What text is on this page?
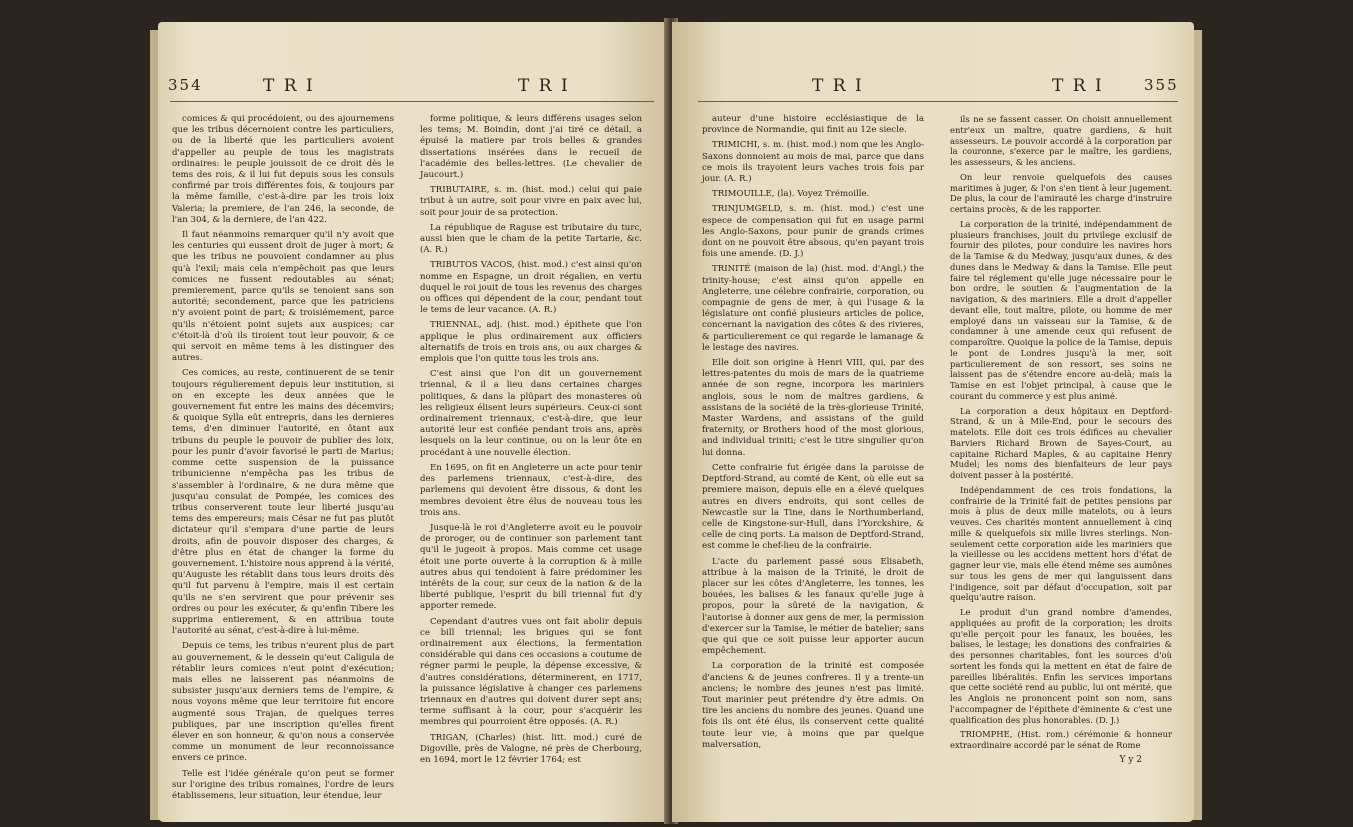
354	T R I	T R I

comices & qui procédoient, ou des ajournemens que les tribus décernoient contre les particuliers, ou de la liberté que les particuliers avoient d'appeller au peuple de tous les magistrats ordinaires: le peuple jouissoit de ce droit dès le tems des rois, & il lui fut depuis sous les consuls confirmé par trois différentes fois, & toujours par la même famille, c'est-à-dire par les trois loix Valeria; la premiere, de l'an 246, la seconde, de l'an 304, & la derniere, de l'an 422.

Il faut néanmoins remarquer qu'il n'y avoit que les centuries qui eussent droit de juger à mort; & que les tribus ne pouvoient condamner au plus qu'à l'exil; mais cela n'empêchoit pas que leurs comices ne fussent redoutables au sénat; premierement, parce qu'ils se tenoient sans son autorité; secondement, parce que les patriciens n'y avoient point de part; & troisiémement, parce qu'ils n'étoient point sujets aux auspices; car c'étoit-là d'où ils tiroient tout leur pouvoir, & ce qui servoit en même tems à les distinguer des autres.

Ces comices, au reste, continuerent de se tenir toujours régulierement depuis leur institution, si on en excepte les deux années que le gouvernement fut entre les mains des décemvirs; & quoique Sylla eût entrepris, dans les dernieres tems, d'en diminuer l'autorité, en ôtant aux tribuns du peuple le pouvoir de publier des loix, pour les punir d'avoir favorisé le parti de Marius; comme cette suspension de la puissance tribunicienne n'empêcha pas les tribus de s'assembler à l'ordinaire, & ne dura même que jusqu'au consulat de Pompée, les comices des tribus conserverent toute leur liberté jusqu'au tems des empereurs; mais César ne fut pas plutôt dictateur qu'il s'empara d'une partie de leurs droits, afin de pouvoir disposer des charges, & d'être plus en état de changer la forme du gouvernement. L'histoire nous apprend à la vérité, qu'Auguste les rétablit dans tous leurs droits dès qu'il fut parvenu à l'empire, mais il est certain qu'ils ne s'en servirent que pour prévenir ses ordres ou pour les exécuter, & qu'enfin Tibere les supprima entierement, & en attribua toute l'autorité au sénat, c'est-à-dire à lui-même.

Depuis ce tems, les tribus n'eurent plus de part au gouvernement, & le dessein qu'eut Caligula de rétablir leurs comices n'eut point d'exécution; mais elles ne laisserent pas néanmoins de subsister jusqu'aux derniers tems de l'empire, & nous voyons même que leur territoire fut encore augmenté sous Trajan, de quelques terres publiques, par une inscription qu'elles firent élever en son honneur, & qu'on nous a conservée comme un monument de leur reconnoissance envers ce prince.

Telle est l'idée générale qu'on peut se former sur l'origine des tribus romaines, l'ordre de leurs établissemens, leur situation, leur étendue, leur

forme politique, & leurs différens usages selon les tems; M. Boindin, dont j'ai tiré ce détail, a épuisé la matiere par trois belles & grandes dissertations insérées dans le recueil de l'académie des belles-lettres. (Le chevalier de Jaucourt.)

TRIBUTAIRE, s. m. (hist. mod.) celui qui paie tribut à un autre, soit pour vivre en paix avec lui, soit pour jouir de sa protection.

La république de Raguse est tributaire du turc, aussi bien que le cham de la petite Tartarie, &c. (A. R.)

TRIBUTOS VACOS, (hist. mod.) c'est ainsi qu'on nomme en Espagne, un droit régalien, en vertu duquel le roi jouit de tous les revenus des charges ou offices qui dépendent de la cour, pendant tout le tems de leur vacance. (A. R.)

TRIENNAL, adj. (hist. mod.) épithete que l'on applique le plus ordinairement aux officiers alternatifs de trois en trois ans, ou aux charges & emplois que l'on quitte tous les trois ans.

C'est ainsi que l'on dit un gouvernement triennal, & il a lieu dans certaines charges politiques, & dans la plûpart des monasteres où les religieux élisent leurs supérieurs. Ceux-ci sont ordinairement triennaux, c'est-à-dire, que leur autorité leur est confiée pendant trois ans, après lesquels on la leur continue, ou on la leur ôte en procédant à une nouvelle élection.

En 1695, on fit en Angleterre un acte pour tenir des parlemens triennaux, c'est-à-dire, des parlemens qui devoient être dissous, & dont les membres devoient être élus de nouveau tous les trois ans.

Jusque-là le roi d'Angleterre avoit eu le pouvoir de proroger, ou de continuer son parlement tant qu'il le jugeoit à propos. Mais comme cet usage étoit une porte ouverte à la corruption & à mille autres abus qui tendoient à faire prédominer les intérêts de la cour, sur ceux de la nation & de la liberté publique, l'esprit du bill triennal fut d'y apporter remede.

Cependant d'autres vues ont fait abolir depuis ce bill triennal; les brigues qui se font ordinairement aux élections, la fermentation considérable qui dans ces occasions a coutume de régner parmi le peuple, la dépense excessive, & d'autres considérations, déterminerent, en 1717, la puissance législative à changer ces parlemens triennaux en d'autres qui doivent durer sept ans; terme suffisant à la cour, pour s'acquérir les membres qui pourroient être opposés. (A. R.)

TRIGAN, (Charles) (hist. litt. mod.) curé de Digoville, près de Valogne, né près de Cherbourg, en 1694, mort le 12 février 1764; est

T R I	T R I	355

auteur d'une histoire ecclésiastique de la province de Normandie, qui finit au 12e siecle.

TRIMICHI, s. m. (hist. mod.) nom que les Anglo-Saxons donnoient au mois de mai, parce que dans ce mois ils trayoient leurs vaches trois fois par jour. (A. R.)

TRIMOUILLE, (la). Voyez Trémoille.

TRINJUMGELD, s. m. (hist. mod.) c'est une espece de compensation qui fut en usage parmi les Anglo-Saxons, pour punir de grands crimes dont on ne pouvoit être absous, qu'en payant trois fois une amende. (D. J.)

TRINITÉ (maison de la) (hist. mod. d'Angl.) the trinity-house; c'est ainsi qu'on appelle en Angleterre, une célebre confrairie, corporation, ou compagnie de gens de mer, à qui l'usage & la législature ont confié plusieurs articles de police, concernant la navigation des côtes & des rivieres, & particulierement ce qui regarde le lamanage & le lestage des navires.

Elle doit son origine à Henri VIII, qui, par des lettres-patentes du mois de mars de la quatrieme année de son regne, incorpora les mariniers anglois, sous le nom de maîtres gardiens, & assistans de la société de la très-glorieuse Trinité, Master Wardens, and assistans of the guild fraternity, or Brothers hood of the most glorious, and individual triniti; c'est le titre singulier qu'on lui donna.

Cette confrairie fut érigée dans la paroisse de Deptford-Strand, au comté de Kent, où elle eut sa premiere maison, depuis elle en a élevé quelques autres en divers endroits, qui sont celles de Newcastle sur la Tine, dans le Northumberland, celle de Kingstone-sur-Hull, dans l'Yorckshire, & celle de cinq ports. La maison de Deptford-Strand, est comme le chef-lieu de la confrairie.

L'acte du parlement passé sous Elisabeth, attribue à la maison de la Trinité, le droit de placer sur les côtes d'Angleterre, les tonnes, les bouées, les balises & les fanaux qu'elle juge à propos, pour la sûreté de la navigation, & l'autorise à donner aux gens de mer, la permission d'exercer sur la Tamise, le métier de batelier; sans que qui que ce soit puisse leur apporter aucun empêchement.

La corporation de la trinité est composée d'anciens & de jeunes confreres. Il y a trente-un anciens; le nombre des jeunes n'est pas limité. Tout marinier peut prétendre d'y être admis. On tire les anciens du nombre des jeunes. Quand une fois ils ont été élus, ils conservent cette qualité toute leur vie, à moins que par quelque malversation,

ils ne se fassent casser. On choisit annuellement entr'eux un maître, quatre gardiens, & huit assesseurs. Le pouvoir accordé à la corporation par la couronne, s'exerce par le maître, les gardiens, les assesseurs, & les anciens.

On leur renvoie quelquefois des causes maritimes à juger, & l'on s'en tient à leur jugement. De plus, la cour de l'amirauté les charge d'instruire certains procès, & de les rapporter.

La corporation de la trinité, indépendamment de plusieurs franchises, jouit du privilege exclusif de fournir des pilotes, pour conduire les navires hors de la Tamise & du Medway, jusqu'aux dunes, & des dunes dans le Medway & dans la Tamise. Elle peut faire tel réglement qu'elle juge nécessaire pour le bon ordre, le soutien & l'augmentation de la navigation, & des mariniers. Elle a droit d'appeller devant elle, tout maître, pilote, ou homme de mer employé dans un vaisseau sur la Tamise, & de condamner à une amende ceux qui refusent de comparoître. Quoique la police de la Tamise, depuis le pont de Londres jusqu'à la mer, soit particulierement de son ressort, ses soins ne laissent pas de s'étendre encore au-delà; mais la Tamise en est l'objet principal, à cause que le courant du commerce y est plus animé.

La corporation a deux hôpitaux en Deptford-Strand, & un à Mile-End, pour le secours des matelots. Elle doit ces trois édifices au chevalier Barviers Richard Brown de Sayes-Court, au capitaine Richard Maples, & au capitaine Henry Mudel; les noms des bienfaiteurs de leur pays doivent passer à la postérité.

Indépendamment de ces trois fondations, la confrairie de la Trinité fait de petites pensions par mois à plus de deux mille matelots, ou à leurs veuves. Ces charités montent annuellement à cinq mille & quelquefois six mille livres sterlings. Non-seulement cette corporation aide les mariniers que la vieillesse ou les accidens mettent hors d'état de gagner leur vie, mais elle étend même ses aumônes sur tous les gens de mer qui languissent dans l'indigence, soit par défaut d'occupation, soit par quelqu'autre raison.

Le produit d'un grand nombre d'amendes, appliquées au profit de la corporation; les droits qu'elle perçoit pour les fanaux, les bouées, les balises, le lestage; les donations des confrairies & des personnes charitables, font les sources d'où sortent les fonds qui la mettent en état de faire de pareilles libéralités. Enfin les services importans que cette société rend au public, lui ont mérité, que les Anglois ne prononcent point son nom, sans l'accompagner de l'épithete d'éminente & c'est une qualification des plus honorables. (D. J.)

TRIOMPHE, (Hist. rom.) cérémonie & honneur extraordinaire accordé par le sénat de Rome

Y y 2
